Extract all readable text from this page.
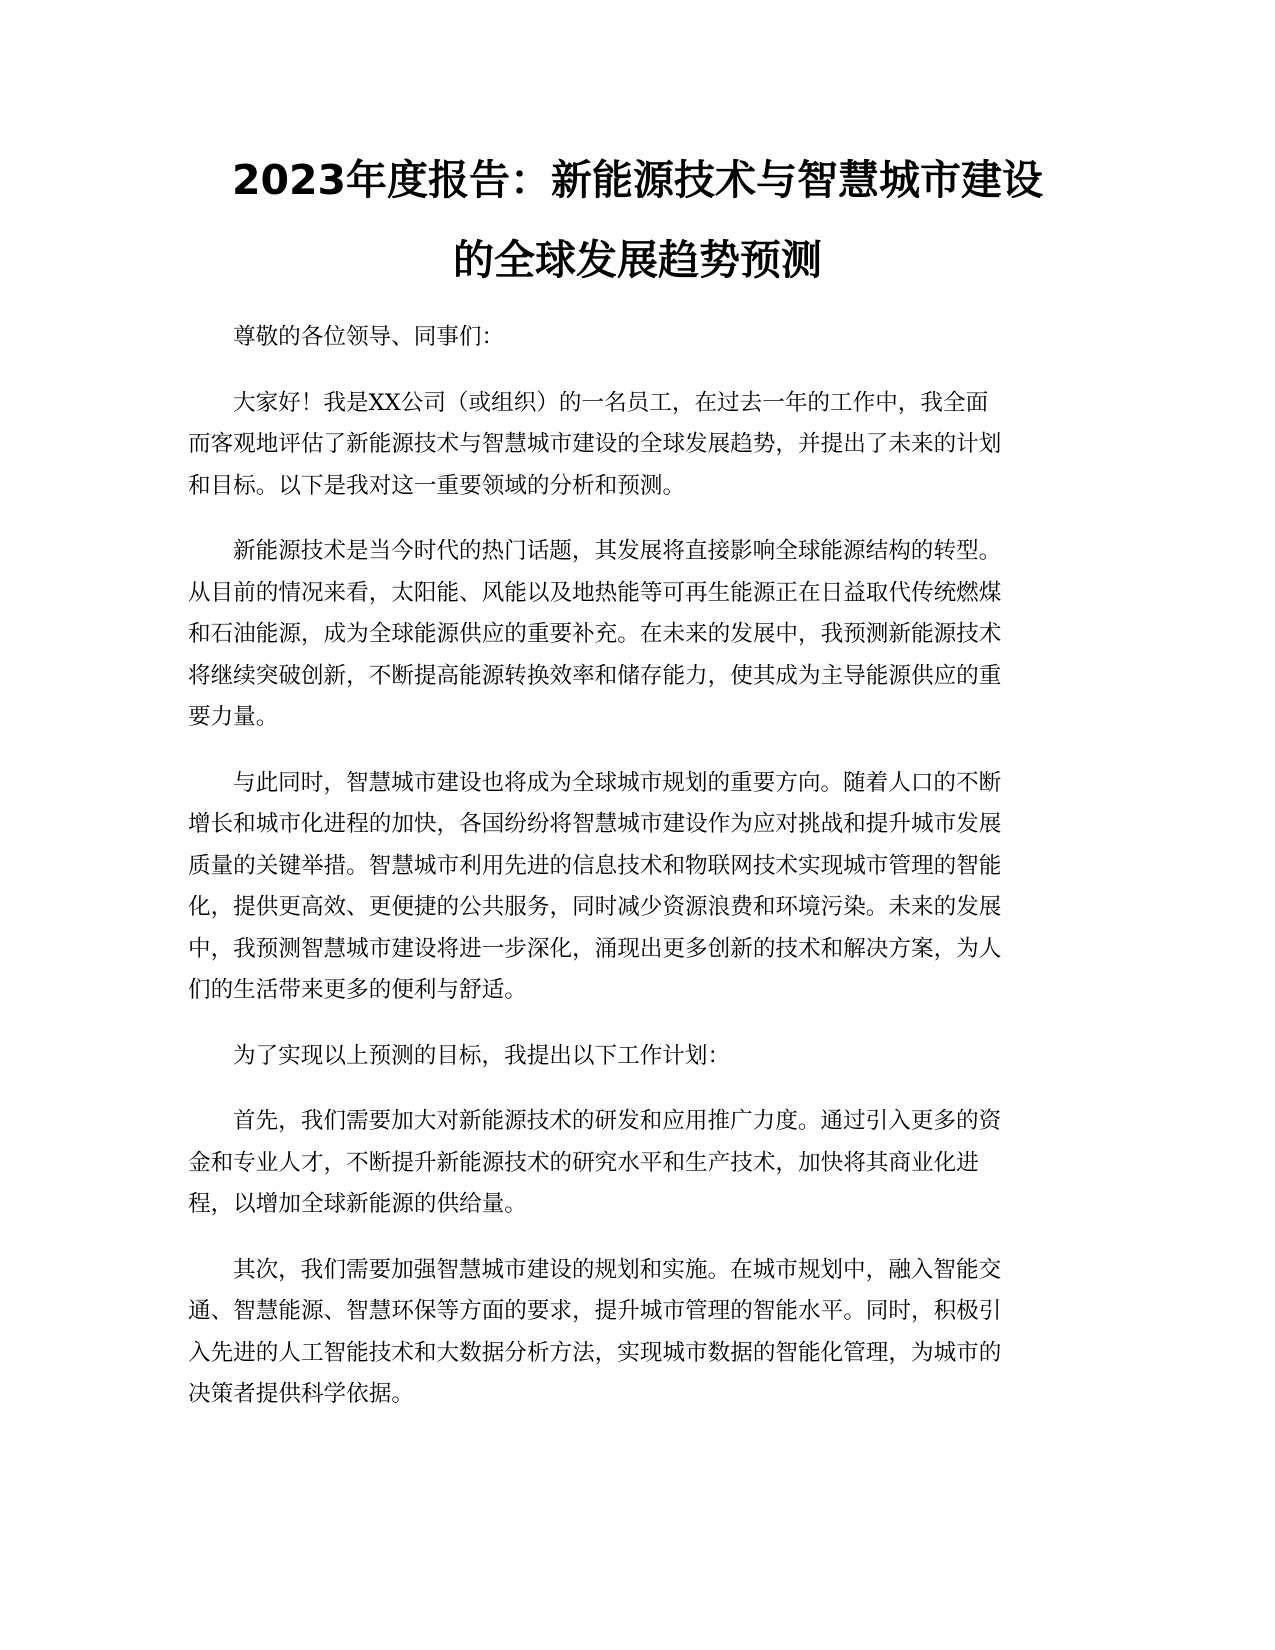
2023年度报告：新能源技术与智慧城市建设
的全球发展趋势预测

尊敬的各位领导、同事们：

大家好！我是XX公司（或组织）的一名员工，在过去一年的工作中，我全面
而客观地评估了新能源技术与智慧城市建设的全球发展趋势，并提出了未来的计划
和目标。以下是我对这一重要领域的分析和预测。

新能源技术是当今时代的热门话题，其发展将直接影响全球能源结构的转型。
从目前的情况来看，太阳能、风能以及地热能等可再生能源正在日益取代传统燃煤
和石油能源，成为全球能源供应的重要补充。在未来的发展中，我预测新能源技术
将继续突破创新，不断提高能源转换效率和储存能力，使其成为主导能源供应的重
要力量。

与此同时，智慧城市建设也将成为全球城市规划的重要方向。随着人口的不断
增长和城市化进程的加快，各国纷纷将智慧城市建设作为应对挑战和提升城市发展
质量的关键举措。智慧城市利用先进的信息技术和物联网技术实现城市管理的智能
化，提供更高效、更便捷的公共服务，同时减少资源浪费和环境污染。未来的发展
中，我预测智慧城市建设将进一步深化，涌现出更多创新的技术和解决方案，为人
们的生活带来更多的便利与舒适。

为了实现以上预测的目标，我提出以下工作计划：

首先，我们需要加大对新能源技术的研发和应用推广力度。通过引入更多的资
金和专业人才，不断提升新能源技术的研究水平和生产技术，加快将其商业化进
程，以增加全球新能源的供给量。

其次，我们需要加强智慧城市建设的规划和实施。在城市规划中，融入智能交
通、智慧能源、智慧环保等方面的要求，提升城市管理的智能水平。同时，积极引
入先进的人工智能技术和大数据分析方法，实现城市数据的智能化管理，为城市的
决策者提供科学依据。
